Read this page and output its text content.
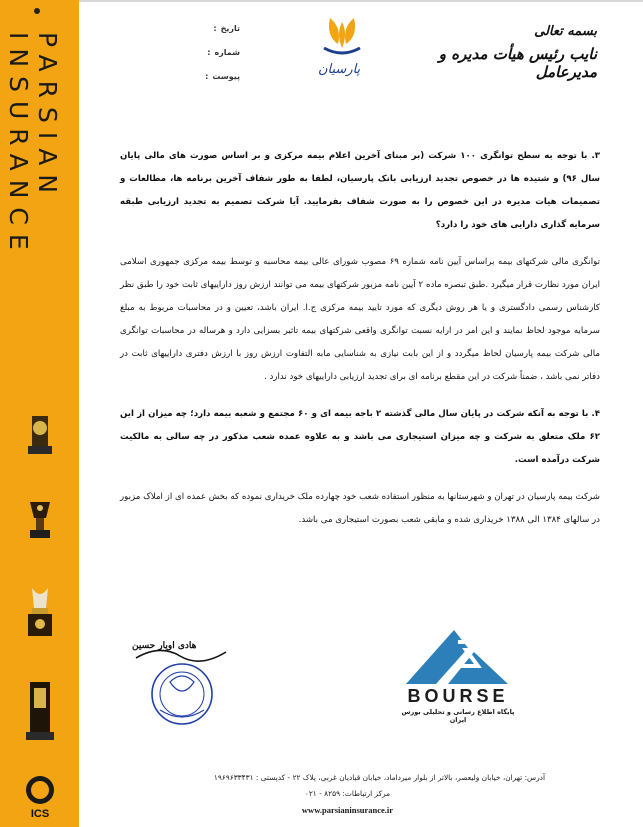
PARSIAN INSURANCE
ICS
: تاریخ
: شماره
: پیوست	پارسیان
بسمه تعالی
نایب رئیس هیأت مدیره و مدیرعامل

۳. با توجه به سطح توانگری ۱۰۰ شرکت (بر مبنای آخرین اعلام بیمه مرکزی و بر اساس صورت های مالی پایان سال ۹۶) و شتیده ها در خصوص تجدید ارزیابی بانک پارسیان، لطفا به طور شفاف آخرین برنامه ها، مطالعات و تصمیمات هیات مدیره در این خصوص را به صورت شفاف بفرمایید. آیا شرکت تصمیم به تجدید ارزیابی طبقه سرمایه گذاری دارایی های خود را دارد؟

توانگری مالی شرکتهای بیمه براساس آیین نامه شماره ۶۹ مصوب شورای عالی بیمه محاسبه و توسط بیمه مرکزی جمهوری اسلامی ایران مورد نظارت قرار میگیرد .طبق تبصره ماده ۲ آیین نامه مزبور شرکتهای بیمه می توانند ارزش روز داراییهای ثابت خود را طبق نظر کارشناس رسمی دادگستری و یا هر روش دیگری که مورد تایید بیمه مرکزی ج.ا. ایران باشد، تعیین و در محاسبات مربوط به مبلغ سرمایه موجود لحاظ نمایند و این امر در ارایه نسبت توانگری واقعی شرکتهای بیمه تاثیر بسزایی دارد و هرساله در محاسبات توانگری مالی شرکت بیمه پارسیان لحاظ میگردد و از این بابت نیازی به شناسایی مابه التفاوت ارزش روز با ارزش دفتری داراییهای ثابت در دفاتر نمی باشد ، ضمناً شرکت در این مقطع برنامه ای برای تجدید ارزیابی داراییهای خود ندارد .

۴. با توجه به آنکه شرکت در پایان سال مالی گذشته ۲ باجه بیمه ای و ۶۰ مجتمع و شعبه بیمه دارد؛ چه میزان از این ۶۲ ملک متعلق به شرکت و چه میزان استیجاری می باشد و به علاوه عمده شعب مذکور در چه سالی به مالکیت شرکت درآمده است.

شرکت بیمه پارسیان در تهران و شهرستانها به منظور استفاده شعب خود چهارده ملک خریداری نموده که بخش عمده ای از املاک مزبور در سالهای ۱۳۸۴ الی ۱۳۸۸ خریداری شده و مابقی شعب بصورت استیجاری می باشد.

هادی اویار حسین
BOURSE
پایگاه اطلاع رسانی و تحلیلی بورس ایران
آدرس: تهران، خیابان ولیعصر، بالاتر از بلوار میرداماد، خیابان قبادیان غربی، پلاک ۲۲ - کدپستی : ۱۹۶۹۶۳۳۴۳۱
مرکز ارتباطات: ۸۲۵۹ - ۰۲۱
www.parsianinsurance.ir
